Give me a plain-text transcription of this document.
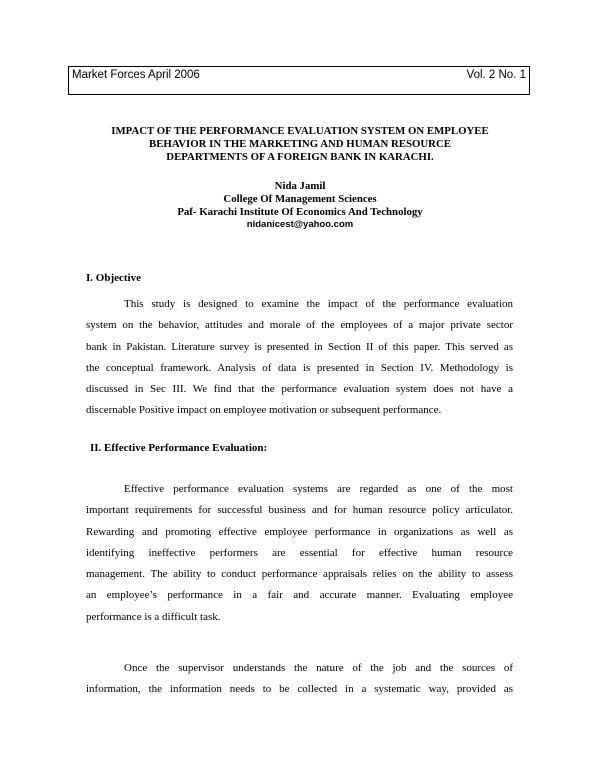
Market Forces April 2006	Vol. 2 No. 1
IMPACT OF THE PERFORMANCE EVALUATION SYSTEM ON EMPLOYEE
BEHAVIOR IN THE MARKETING AND HUMAN RESOURCE
DEPARTMENTS OF A FOREIGN BANK IN KARACHI.
Nida Jamil
College Of Management Sciences
Paf- Karachi Institute Of Economics And Technology
nidanicest@yahoo.com
I. Objective
This study is designed to examine the impact of the performance evaluation
system on the behavior, attitudes and morale of the employees of a major private sector
bank in Pakistan. Literature survey is presented in Section II of this paper. This served as
the conceptual framework. Analysis of data is presented in Section IV. Methodology is
discussed in Sec III. We find that the performance evaluation system does not have a
discernable Positive impact on employee motivation or subsequent performance.
II. Effective Performance Evaluation:
Effective performance evaluation systems are regarded as one of the most
important requirements for successful business and for human resource policy articulator.
Rewarding and promoting effective employee performance in organizations as well as
identifying ineffective performers are essential for effective human resource
management. The ability to conduct performance appraisals relies on the ability to assess
an employee’s performance in a fair and accurate manner. Evaluating employee
performance is a difficult task.
Once the supervisor understands the nature of the job and the sources of
information, the information needs to be collected in a systematic way, provided as
